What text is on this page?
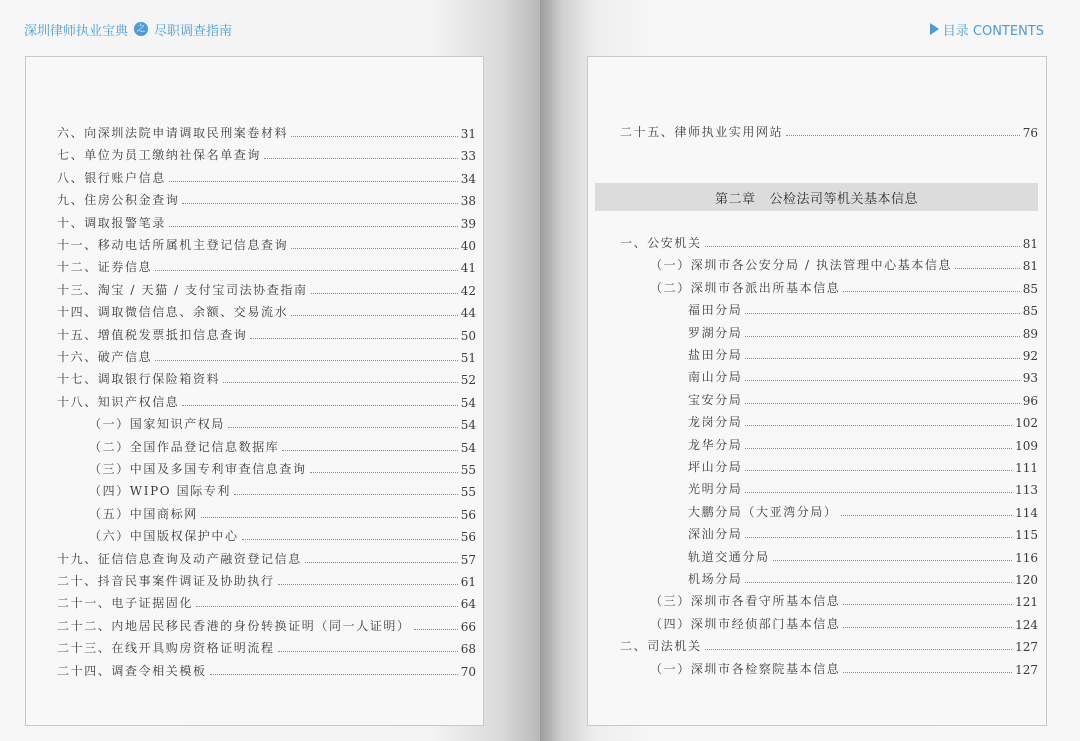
深圳律师执业宝典 之 尽职调查指南	目录 CONTENTS
六、向深圳法院申请调取民刑案卷材料	31
七、单位为员工缴纳社保名单查询	33
八、银行账户信息	34
九、住房公积金查询	38
十、调取报警笔录	39
十一、移动电话所属机主登记信息查询	40
十二、证券信息	41
十三、淘宝 / 天猫 / 支付宝司法协查指南	42
十四、调取微信信息、余额、交易流水	44
十五、增值税发票抵扣信息查询	50
十六、破产信息	51
十七、调取银行保险箱资料	52
十八、知识产权信息	54
（一）国家知识产权局	54
（二）全国作品登记信息数据库	54
（三）中国及多国专利审查信息查询	55
（四）WIPO 国际专利	55
（五）中国商标网	56
（六）中国版权保护中心	56
十九、征信信息查询及动产融资登记信息	57
二十、抖音民事案件调证及协助执行	61
二十一、电子证据固化	64
二十二、内地居民移民香港的身份转换证明（同一人证明）	66
二十三、在线开具购房资格证明流程	68
二十四、调查令相关模板	70
二十五、律师执业实用网站	76
第二章   公检法司等机关基本信息
一、公安机关	81
（一）深圳市各公安分局 / 执法管理中心基本信息	81
（二）深圳市各派出所基本信息	85
福田分局	85
罗湖分局	89
盐田分局	92
南山分局	93
宝安分局	96
龙岗分局	102
龙华分局	109
坪山分局	111
光明分局	113
大鹏分局（大亚湾分局）	114
深汕分局	115
轨道交通分局	116
机场分局	120
（三）深圳市各看守所基本信息	121
（四）深圳市经侦部门基本信息	124
二、司法机关	127
（一）深圳市各检察院基本信息	127
